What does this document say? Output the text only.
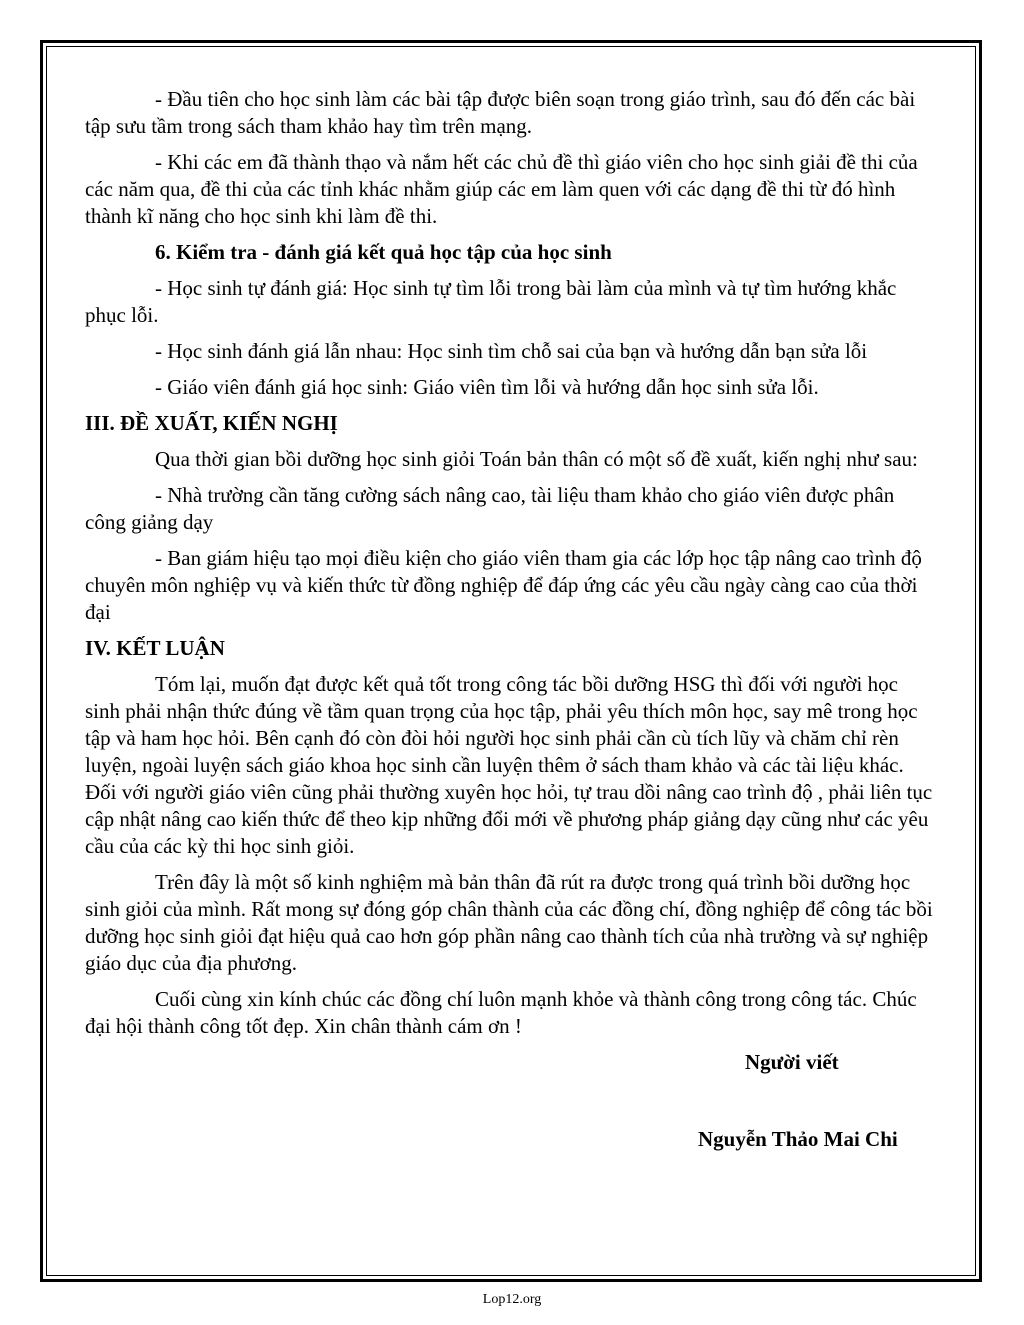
- Đầu tiên cho học sinh làm các bài tập được biên soạn trong giáo trình, sau đó đến các bài tập sưu tầm trong sách tham khảo hay tìm trên mạng.
- Khi các em đã thành thạo và nắm hết các chủ đề thì giáo viên cho học sinh giải đề thi của các năm qua, đề thi của các tỉnh khác nhằm giúp các em làm quen với các dạng đề thi từ đó hình thành kĩ năng cho học sinh khi làm đề thi.
6. Kiểm tra - đánh giá kết quả học tập của học sinh
- Học sinh tự đánh giá: Học sinh tự tìm lỗi trong bài làm của mình và tự tìm hướng khắc phục lỗi.
- Học sinh đánh giá lẫn nhau: Học sinh tìm chỗ sai của bạn và hướng dẫn bạn sửa lỗi
- Giáo viên đánh giá học sinh: Giáo viên tìm lỗi và hướng dẫn học sinh sửa lỗi.
III. ĐỀ XUẤT, KIẾN NGHỊ
Qua thời gian bồi dưỡng học sinh giỏi Toán bản thân có một số đề xuất, kiến nghị như sau:
- Nhà trường cần tăng cường sách nâng cao, tài liệu tham khảo cho giáo viên được phân công giảng dạy
- Ban giám hiệu tạo mọi điều kiện cho giáo viên tham gia các lớp học tập nâng cao trình độ chuyên môn nghiệp vụ và kiến thức từ đồng nghiệp để đáp ứng các yêu cầu ngày càng cao của thời đại
IV. KẾT LUẬN
Tóm lại, muốn đạt được kết quả tốt trong công tác bồi dưỡng HSG thì đối với người học sinh phải nhận thức đúng về tầm quan trọng của học tập, phải yêu thích môn học, say mê trong học tập và ham học hỏi. Bên cạnh đó còn đòi hỏi người học sinh phải cần cù tích lũy và chăm chỉ rèn luyện, ngoài luyện sách giáo khoa học sinh cần luyện thêm ở sách tham khảo và các tài liệu khác. Đối với người giáo viên cũng phải thường xuyên học hỏi, tự trau dồi nâng cao trình độ , phải liên tục cập nhật nâng cao kiến thức để theo kịp những đổi mới về phương pháp giảng dạy cũng như các yêu cầu của các kỳ thi học sinh giỏi.
Trên đây là một số kinh nghiệm mà bản thân đã rút ra được trong quá trình bồi dưỡng học sinh giỏi của mình. Rất mong sự đóng góp chân thành của các đồng chí, đồng nghiệp để công tác bồi dưỡng học sinh giỏi đạt hiệu quả cao hơn góp phần nâng cao thành tích của nhà trường và sự nghiệp giáo dục của địa phương.
Cuối cùng xin kính chúc các đồng chí luôn mạnh khỏe và thành công trong công tác. Chúc đại hội thành công tốt đẹp. Xin chân thành cám ơn !
Người viết
Nguyễn Thảo Mai Chi
Lop12.org
